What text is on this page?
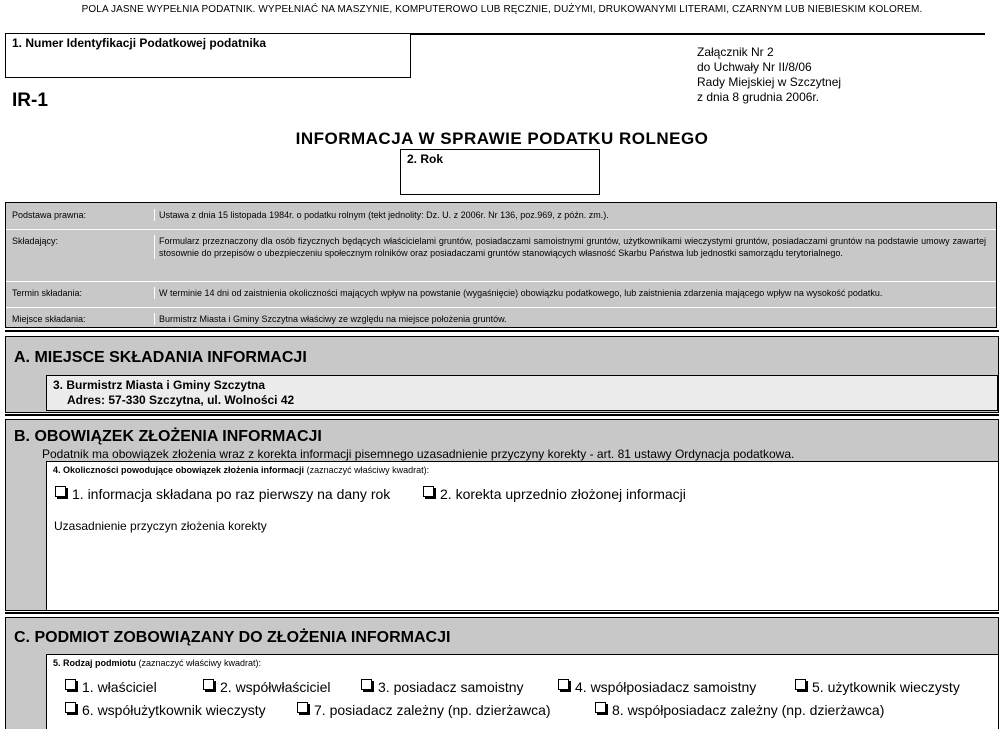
POLA JASNE WYPEŁNIA PODATNIK. WYPEŁNIAĆ NA MASZYNIE, KOMPUTEROWO LUB RĘCZNIE, DUŻYMI, DRUKOWANYMI LITERAMI, CZARNYM LUB NIEBIESKIM KOLOREM.
1. Numer Identyfikacji Podatkowej podatnika
Załącznik Nr 2
do Uchwały Nr II/8/06
Rady Miejskiej w Szczytnej
z dnia 8 grudnia 2006r.
IR-1
INFORMACJA W SPRAWIE PODATKU ROLNEGO
2. Rok
Podstawa prawna:	Ustawa z dnia 15 listopada 1984r. o podatku rolnym (tekt jednolity: Dz. U. z 2006r. Nr 136, poz.969, z późn. zm.).
Składający:	Formularz przeznaczony dla osób fizycznych będących właścicielami gruntów, posiadaczami samoistnymi gruntów, użytkownikami wieczystymi gruntów, posiadaczami gruntów na podstawie umowy zawartej stosownie do przepisów o ubezpieczeniu społecznym rolników oraz posiadaczami gruntów stanowiących własność Skarbu Państwa lub jednostki samorządu terytorialnego.
Termin składania:	W terminie 14 dni od zaistnienia okoliczności mających wpływ na powstanie (wygaśnięcie) obowiązku podatkowego, lub zaistnienia zdarzenia mającego wpływ na wysokość podatku.
Miejsce składania:	Burmistrz Miasta i Gminy Szczytna właściwy ze względu na miejsce położenia gruntów.
A. MIEJSCE SKŁADANIA INFORMACJI
3. Burmistrz Miasta i Gminy Szczytna
Adres: 57-330 Szczytna, ul. Wolności 42
B. OBOWIĄZEK ZŁOŻENIA INFORMACJI
Podatnik ma obowiązek złożenia wraz z korekta informacji pisemnego uzasadnienie przyczyny korekty - art. 81 ustawy Ordynacja podatkowa.
4. Okoliczności powodujące obowiązek złożenia informacji (zaznaczyć właściwy kwadrat):
1. informacja składana po raz pierwszy na dany rok	2. korekta uprzednio złożonej informacji
Uzasadnienie przyczyn złożenia korekty
C. PODMIOT ZOBOWIĄZANY DO ZŁOŻENIA INFORMACJI
5. Rodzaj podmiotu (zaznaczyć właściwy kwadrat):
1. właściciel	2. współwłaściciel	3. posiadacz samoistny	4. współposiadacz samoistny	5. użytkownik wieczysty
6. współużytkownik wieczysty	7. posiadacz zależny (np. dzierżawca)	8. współposiadacz zależny (np. dzierżawca)
